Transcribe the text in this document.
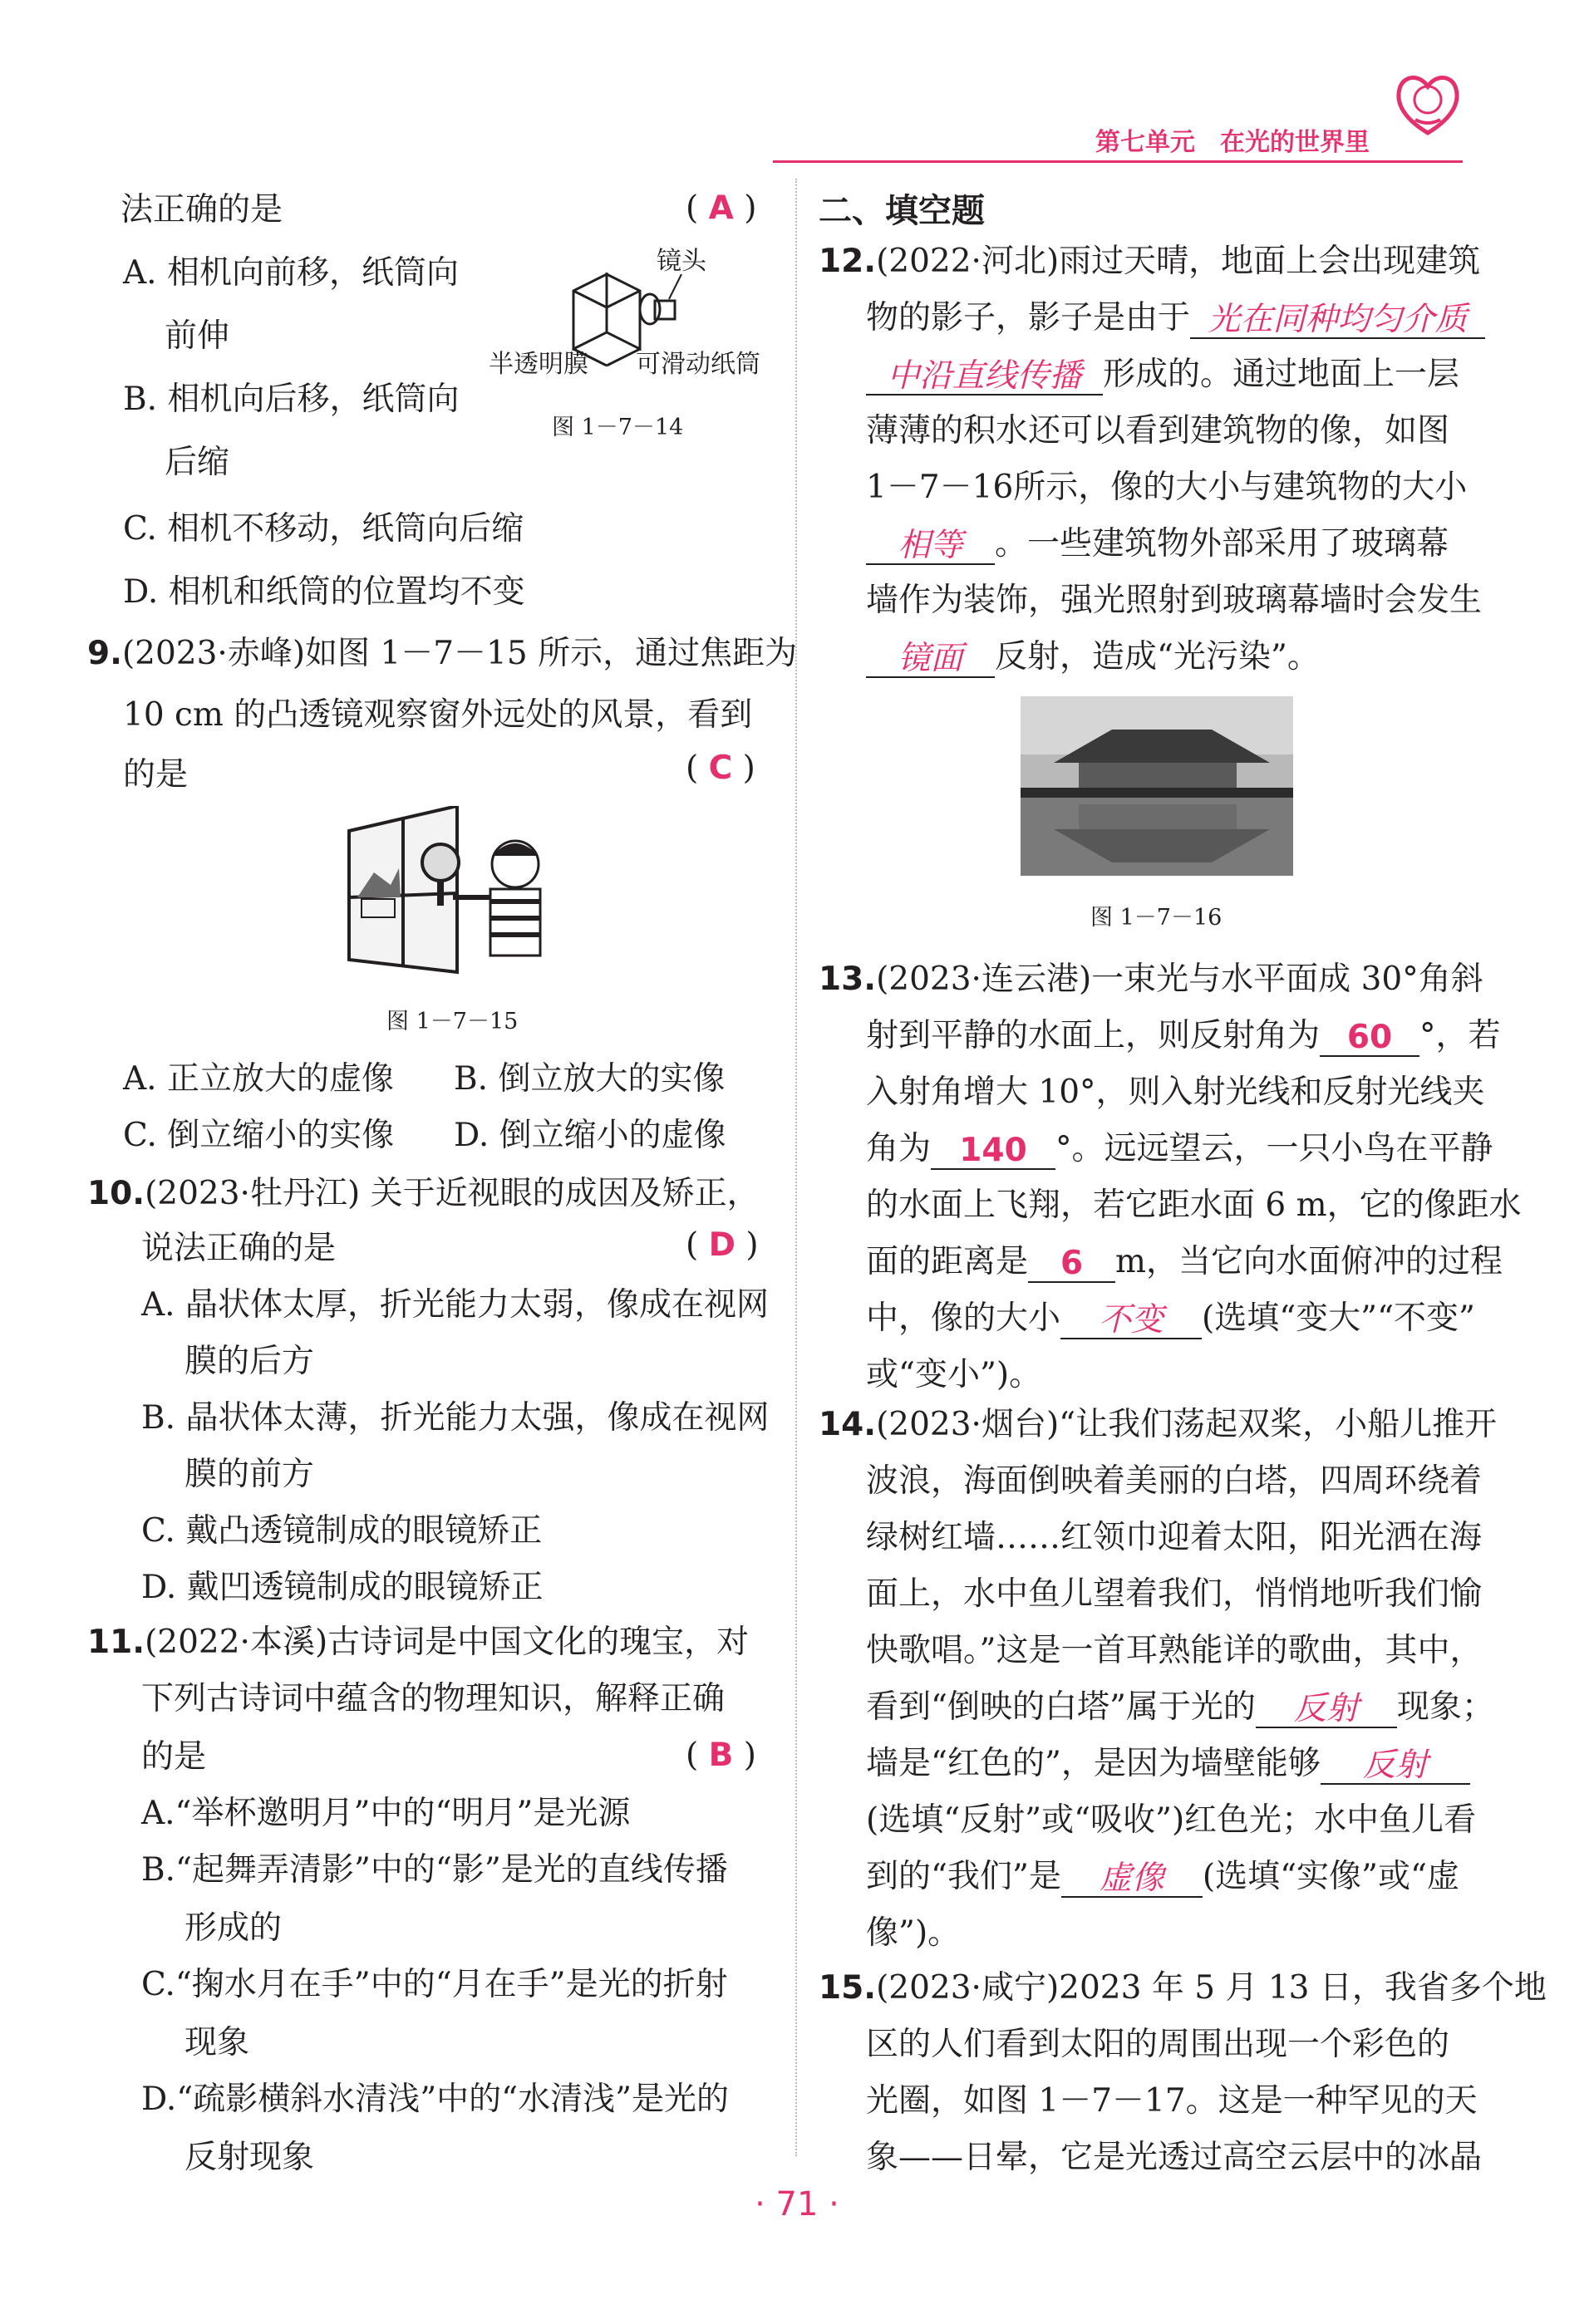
第七单元　在光的世界里
法正确的是	( A )
A. 相机向前移，纸筒向
前伸
B. 相机向后移，纸筒向
后缩
C. 相机不移动，纸筒向后缩
D. 相机和纸筒的位置均不变
镜头
半透明膜 可滑动纸筒
图 1－7－14
9.(2023·赤峰)如图 1－7－15 所示，通过焦距为
10 cm 的凸透镜观察窗外远处的风景，看到
的是	( C )
图 1－7－15
A. 正立放大的虚像 B. 倒立放大的实像
C. 倒立缩小的实像 D. 倒立缩小的虚像
10.(2023·牡丹江) 关于近视眼的成因及矫正，
说法正确的是	( D )
A. 晶状体太厚，折光能力太弱，像成在视网
膜的后方
B. 晶状体太薄，折光能力太强，像成在视网
膜的前方
C. 戴凸透镜制成的眼镜矫正
D. 戴凹透镜制成的眼镜矫正
11.(2022·本溪)古诗词是中国文化的瑰宝，对
下列古诗词中蕴含的物理知识，解释正确
的是	( B )
A.“举杯邀明月”中的“明月”是光源
B.“起舞弄清影”中的“影”是光的直线传播
形成的
C.“掬水月在手”中的“月在手”是光的折射
现象
D.“疏影横斜水清浅”中的“水清浅”是光的
反射现象
二、填空题
12.(2022·河北)雨过天晴，地面上会出现建筑
物的影子，影子是由于 光在同种均匀介质
中沿直线传播 形成的。通过地面上一层
薄薄的积水还可以看到建筑物的像，如图
1－7－16所示，像的大小与建筑物的大小
相等 。一些建筑物外部采用了玻璃幕
墙作为装饰，强光照射到玻璃幕墙时会发生
镜面 反射，造成“光污染”。
图 1－7－16
13.(2023·连云港)一束光与水平面成 30°角斜
射到平静的水面上，则反射角为 60 °，若
入射角增大 10°，则入射光线和反射光线夹
角为 140 °。远远望云，一只小鸟在平静
的水面上飞翔，若它距水面 6 m，它的像距水
面的距离是 6 m，当它向水面俯冲的过程
中，像的大小 不变 (选填“变大”“不变”
或“变小”)。
14.(2023·烟台)“让我们荡起双桨，小船儿推开
波浪，海面倒映着美丽的白塔，四周环绕着
绿树红墙……红领巾迎着太阳，阳光洒在海
面上，水中鱼儿望着我们，悄悄地听我们愉
快歌唱。”这是一首耳熟能详的歌曲，其中，
看到“倒映的白塔”属于光的 反射 现象；
墙是“红色的”，是因为墙壁能够 反射
(选填“反射”或“吸收”)红色光；水中鱼儿看
到的“我们”是 虚像 (选填“实像”或“虚
像”)。
15.(2023·咸宁)2023 年 5 月 13 日，我省多个地
区的人们看到太阳的周围出现一个彩色的
光圈，如图 1－7－17。这是一种罕见的天
象——日晕，它是光透过高空云层中的冰晶
· 71 ·
